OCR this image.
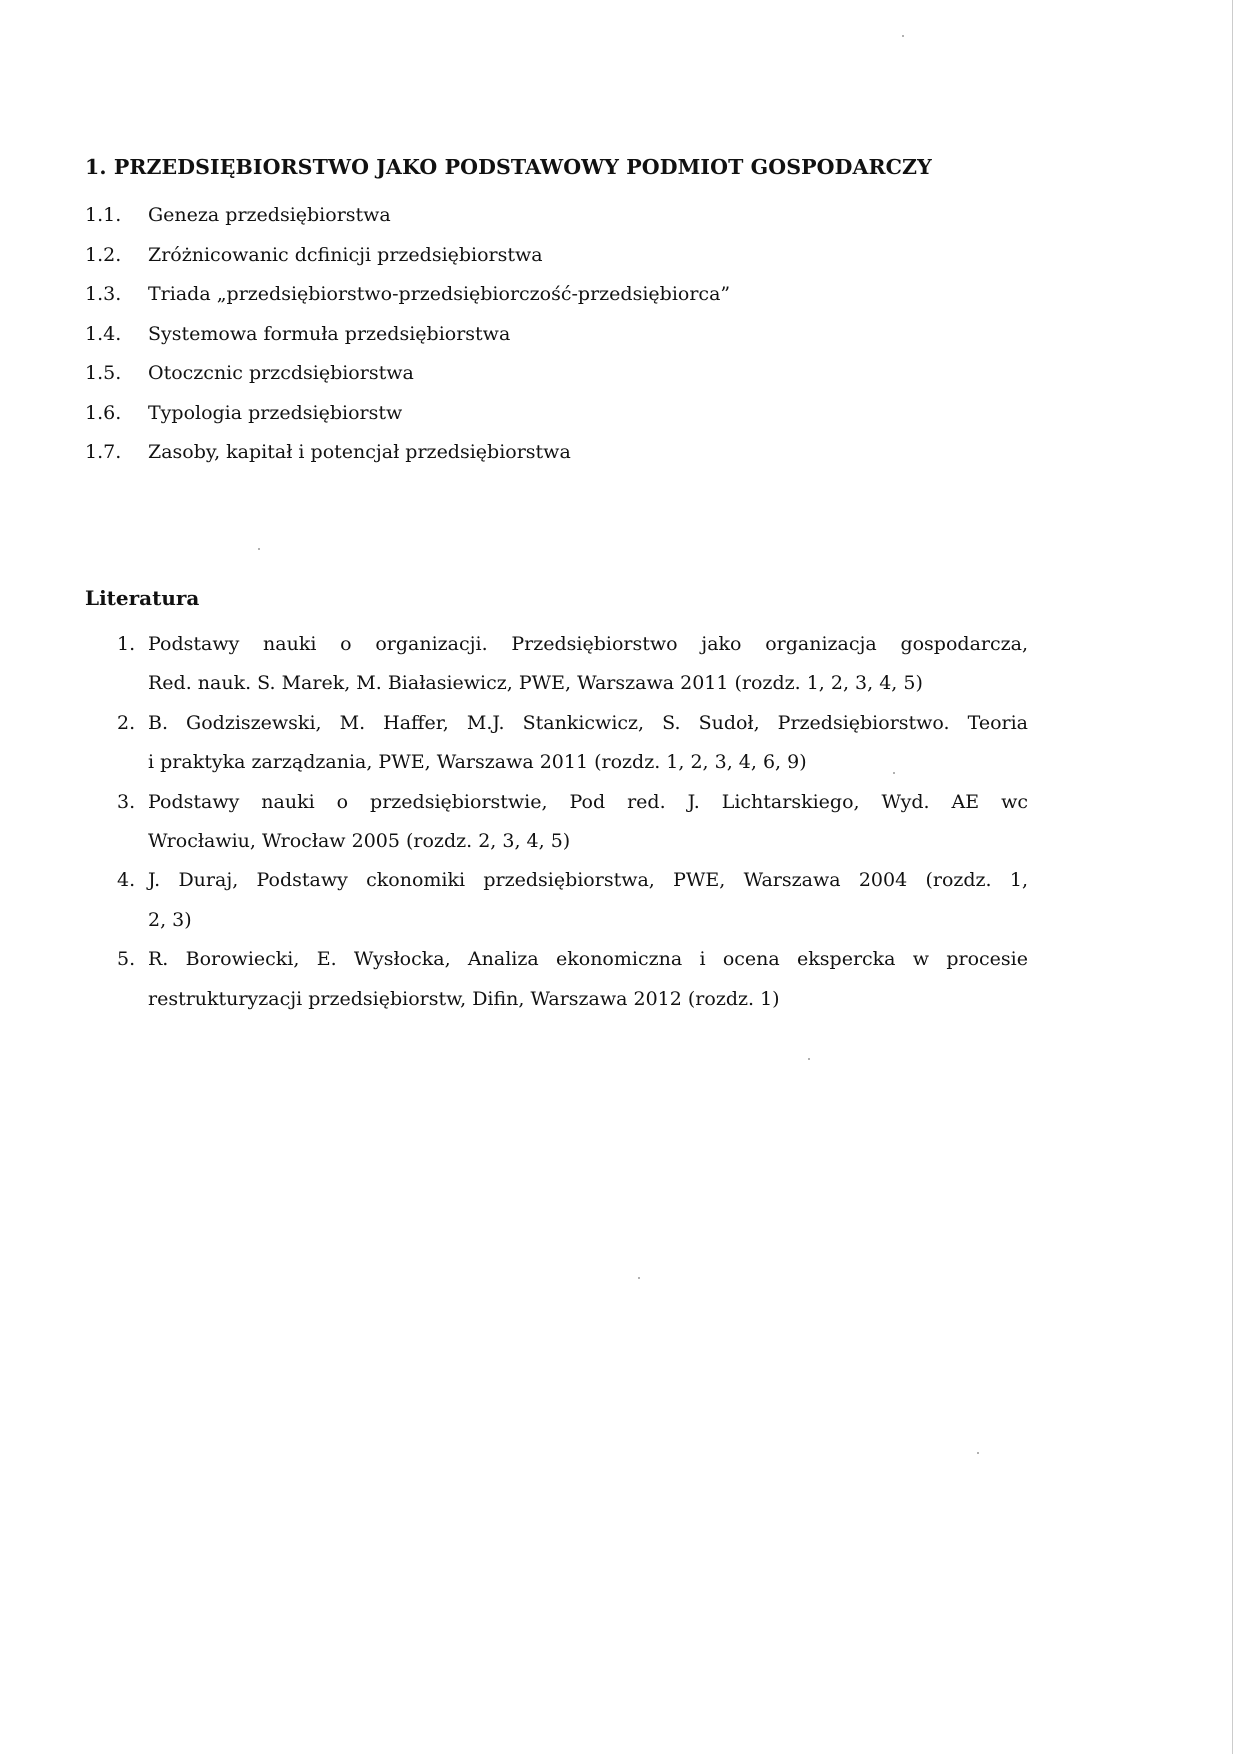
1. PRZEDSIĘBIORSTWO JAKO PODSTAWOWY PODMIOT GOSPODARCZY
1.1. Geneza przedsiębiorstwa
1.2. Zróżnicowanic dcfinicji przedsiębiorstwa
1.3. Triada „przedsiębiorstwo-przedsiębiorczość-przedsiębiorca”
1.4. Systemowa formuła przedsiębiorstwa
1.5. Otoczcnic przcdsiębiorstwa
1.6. Typologia przedsiębiorstw
1.7. Zasoby, kapitał i potencjał przedsiębiorstwa
Literatura
1. Podstawy nauki o organizacji. Przedsiębiorstwo jako organizacja gospodarcza,
Red. nauk. S. Marek, M. Białasiewicz, PWE, Warszawa 2011 (rozdz. 1, 2, 3, 4, 5)
2. B. Godziszewski, M. Haffer, M.J. Stankicwicz, S. Sudoł, Przedsiębiorstwo. Teoria
i praktyka zarządzania, PWE, Warszawa 2011 (rozdz. 1, 2, 3, 4, 6, 9)
3. Podstawy nauki o przedsiębiorstwie, Pod red. J. Lichtarskiego, Wyd. AE wc
Wrocławiu, Wrocław 2005 (rozdz. 2, 3, 4, 5)
4. J. Duraj, Podstawy ckonomiki przedsiębiorstwa, PWE, Warszawa 2004 (rozdz. 1,
2, 3)
5. R. Borowiecki, E. Wysłocka, Analiza ekonomiczna i ocena ekspercka w procesie
restrukturyzacji przedsiębiorstw, Difin, Warszawa 2012 (rozdz. 1)
